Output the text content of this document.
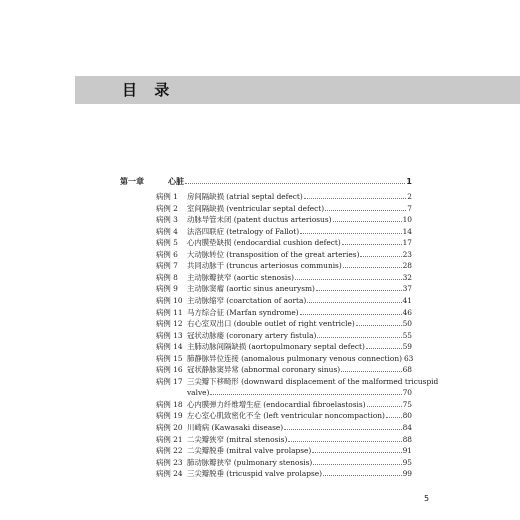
目 录
第一章	心脏	1
病例 1 房间隔缺损 (atrial septal defect)	2
病例 2 室间隔缺损 (ventricular septal defect)	7
病例 3 动脉导管未闭 (patent ductus arteriosus)	10
病例 4 法洛四联症 (tetralogy of Fallot)	14
病例 5 心内膜垫缺损 (endocardial cushion defect)	17
病例 6 大动脉转位 (transposition of the great arteries)	23
病例 7 共同动脉干 (truncus arteriosus communis)	28
病例 8 主动脉瓣狭窄 (aortic stenosis)	32
病例 9 主动脉窦瘤 (aortic sinus aneurysm)	37
病例 10 主动脉缩窄 (coarctation of aorta)	41
病例 11 马方综合征 (Marfan syndrome)	46
病例 12 右心室双出口 (double outlet of right ventricle)	50
病例 13 冠状动脉瘘 (coronary artery fistula)	55
病例 14 主肺动脉间隔缺损 (aortopulmonary septal defect)	59
病例 15 肺静脉异位连接 (anomalous pulmonary venous connection) 63
病例 16 冠状静脉窦异常 (abnormal coronary sinus)	68
病例 17 三尖瓣下移畸形 (downward displacement of the malformed tricuspid
valve)	70
病例 18 心内膜弹力纤维增生症 (endocardial fibroelastosis)	75
病例 19 左心室心肌致密化不全 (left ventricular noncompaction) 80
病例 20 川崎病 (Kawasaki disease)	84
病例 21 二尖瓣狭窄 (mitral stenosis)	88
病例 22 二尖瓣脱垂 (mitral valve prolapse)	91
病例 23 肺动脉瓣狭窄 (pulmonary stenosis)	95
病例 24 三尖瓣脱垂 (tricuspid valve prolapse)	99
5
